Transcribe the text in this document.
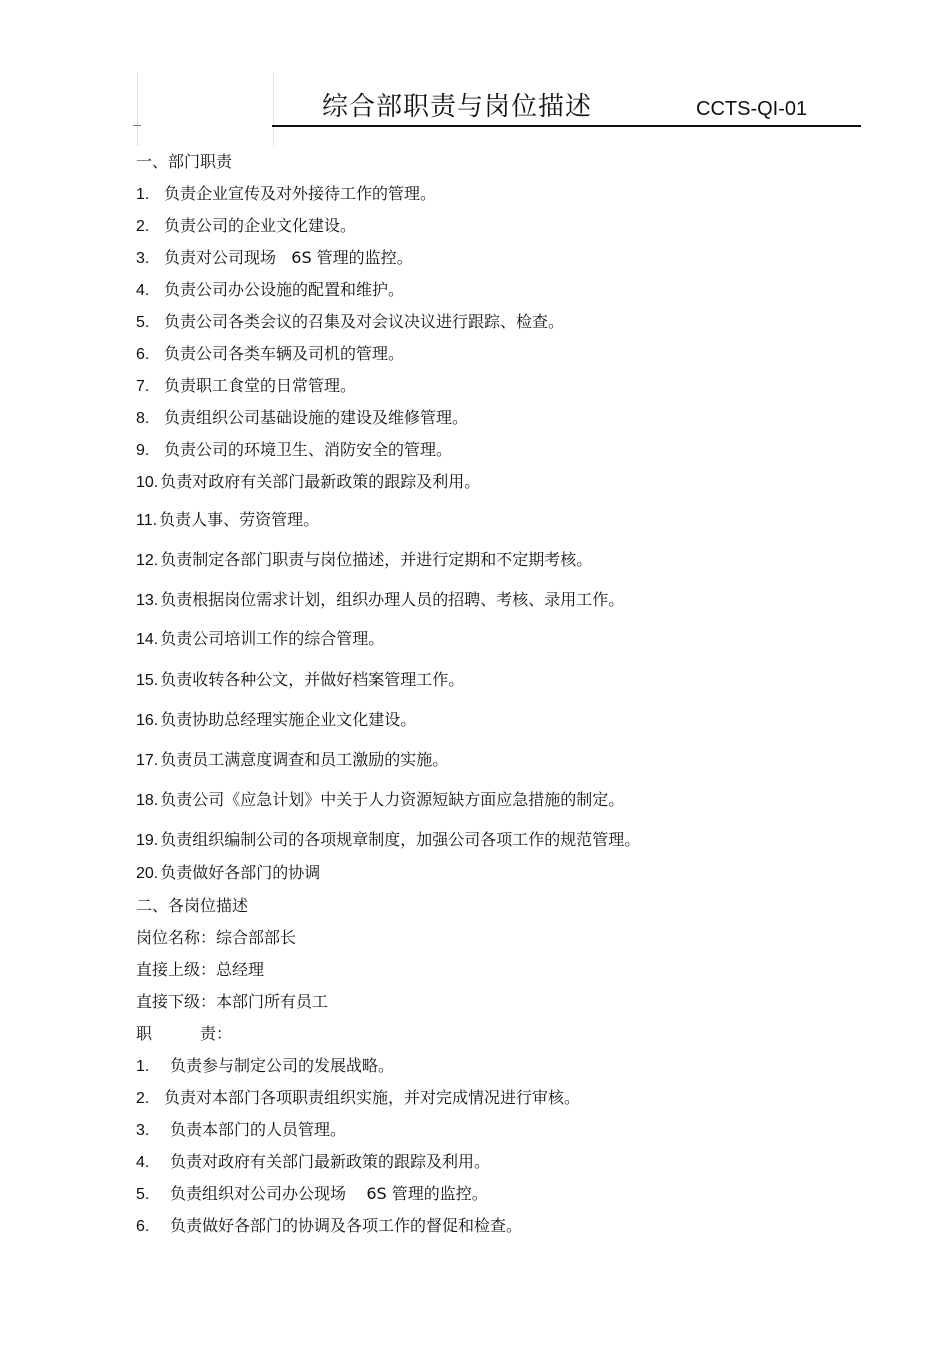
综合部职责与岗位描述	CCTS-QI-01
一、部门职责
1. 负责企业宣传及对外接待工作的管理。
2. 负责公司的企业文化建设。
3. 负责对公司现场   6S 管理的监控。
4. 负责公司办公设施的配置和维护。
5. 负责公司各类会议的召集及对会议决议进行跟踪、检查。
6. 负责公司各类车辆及司机的管理。
7. 负责职工食堂的日常管理。
8. 负责组织公司基础设施的建设及维修管理。
9. 负责公司的环境卫生、消防安全的管理。
10. 负责对政府有关部门最新政策的跟踪及利用。
11. 负责人事、劳资管理。
12. 负责制定各部门职责与岗位描述，并进行定期和不定期考核。
13. 负责根据岗位需求计划，组织办理人员的招聘、考核、录用工作。
14. 负责公司培训工作的综合管理。
15. 负责收转各种公文，并做好档案管理工作。
16. 负责协助总经理实施企业文化建设。
17. 负责员工满意度调查和员工激励的实施。
18. 负责公司《应急计划》中关于人力资源短缺方面应急措施的制定。
19. 负责组织编制公司的各项规章制度，加强公司各项工作的规范管理。
20. 负责做好各部门的协调
二、各岗位描述
岗位名称：综合部部长
直接上级：总经理
直接下级：本部门所有员工
职	责：
1. 负责参与制定公司的发展战略。
2. 负责对本部门各项职责组织实施，并对完成情况进行审核。
3. 负责本部门的人员管理。
4. 负责对政府有关部门最新政策的跟踪及利用。
5. 负责组织对公司办公现场    6S 管理的监控。
6. 负责做好各部门的协调及各项工作的督促和检查。
